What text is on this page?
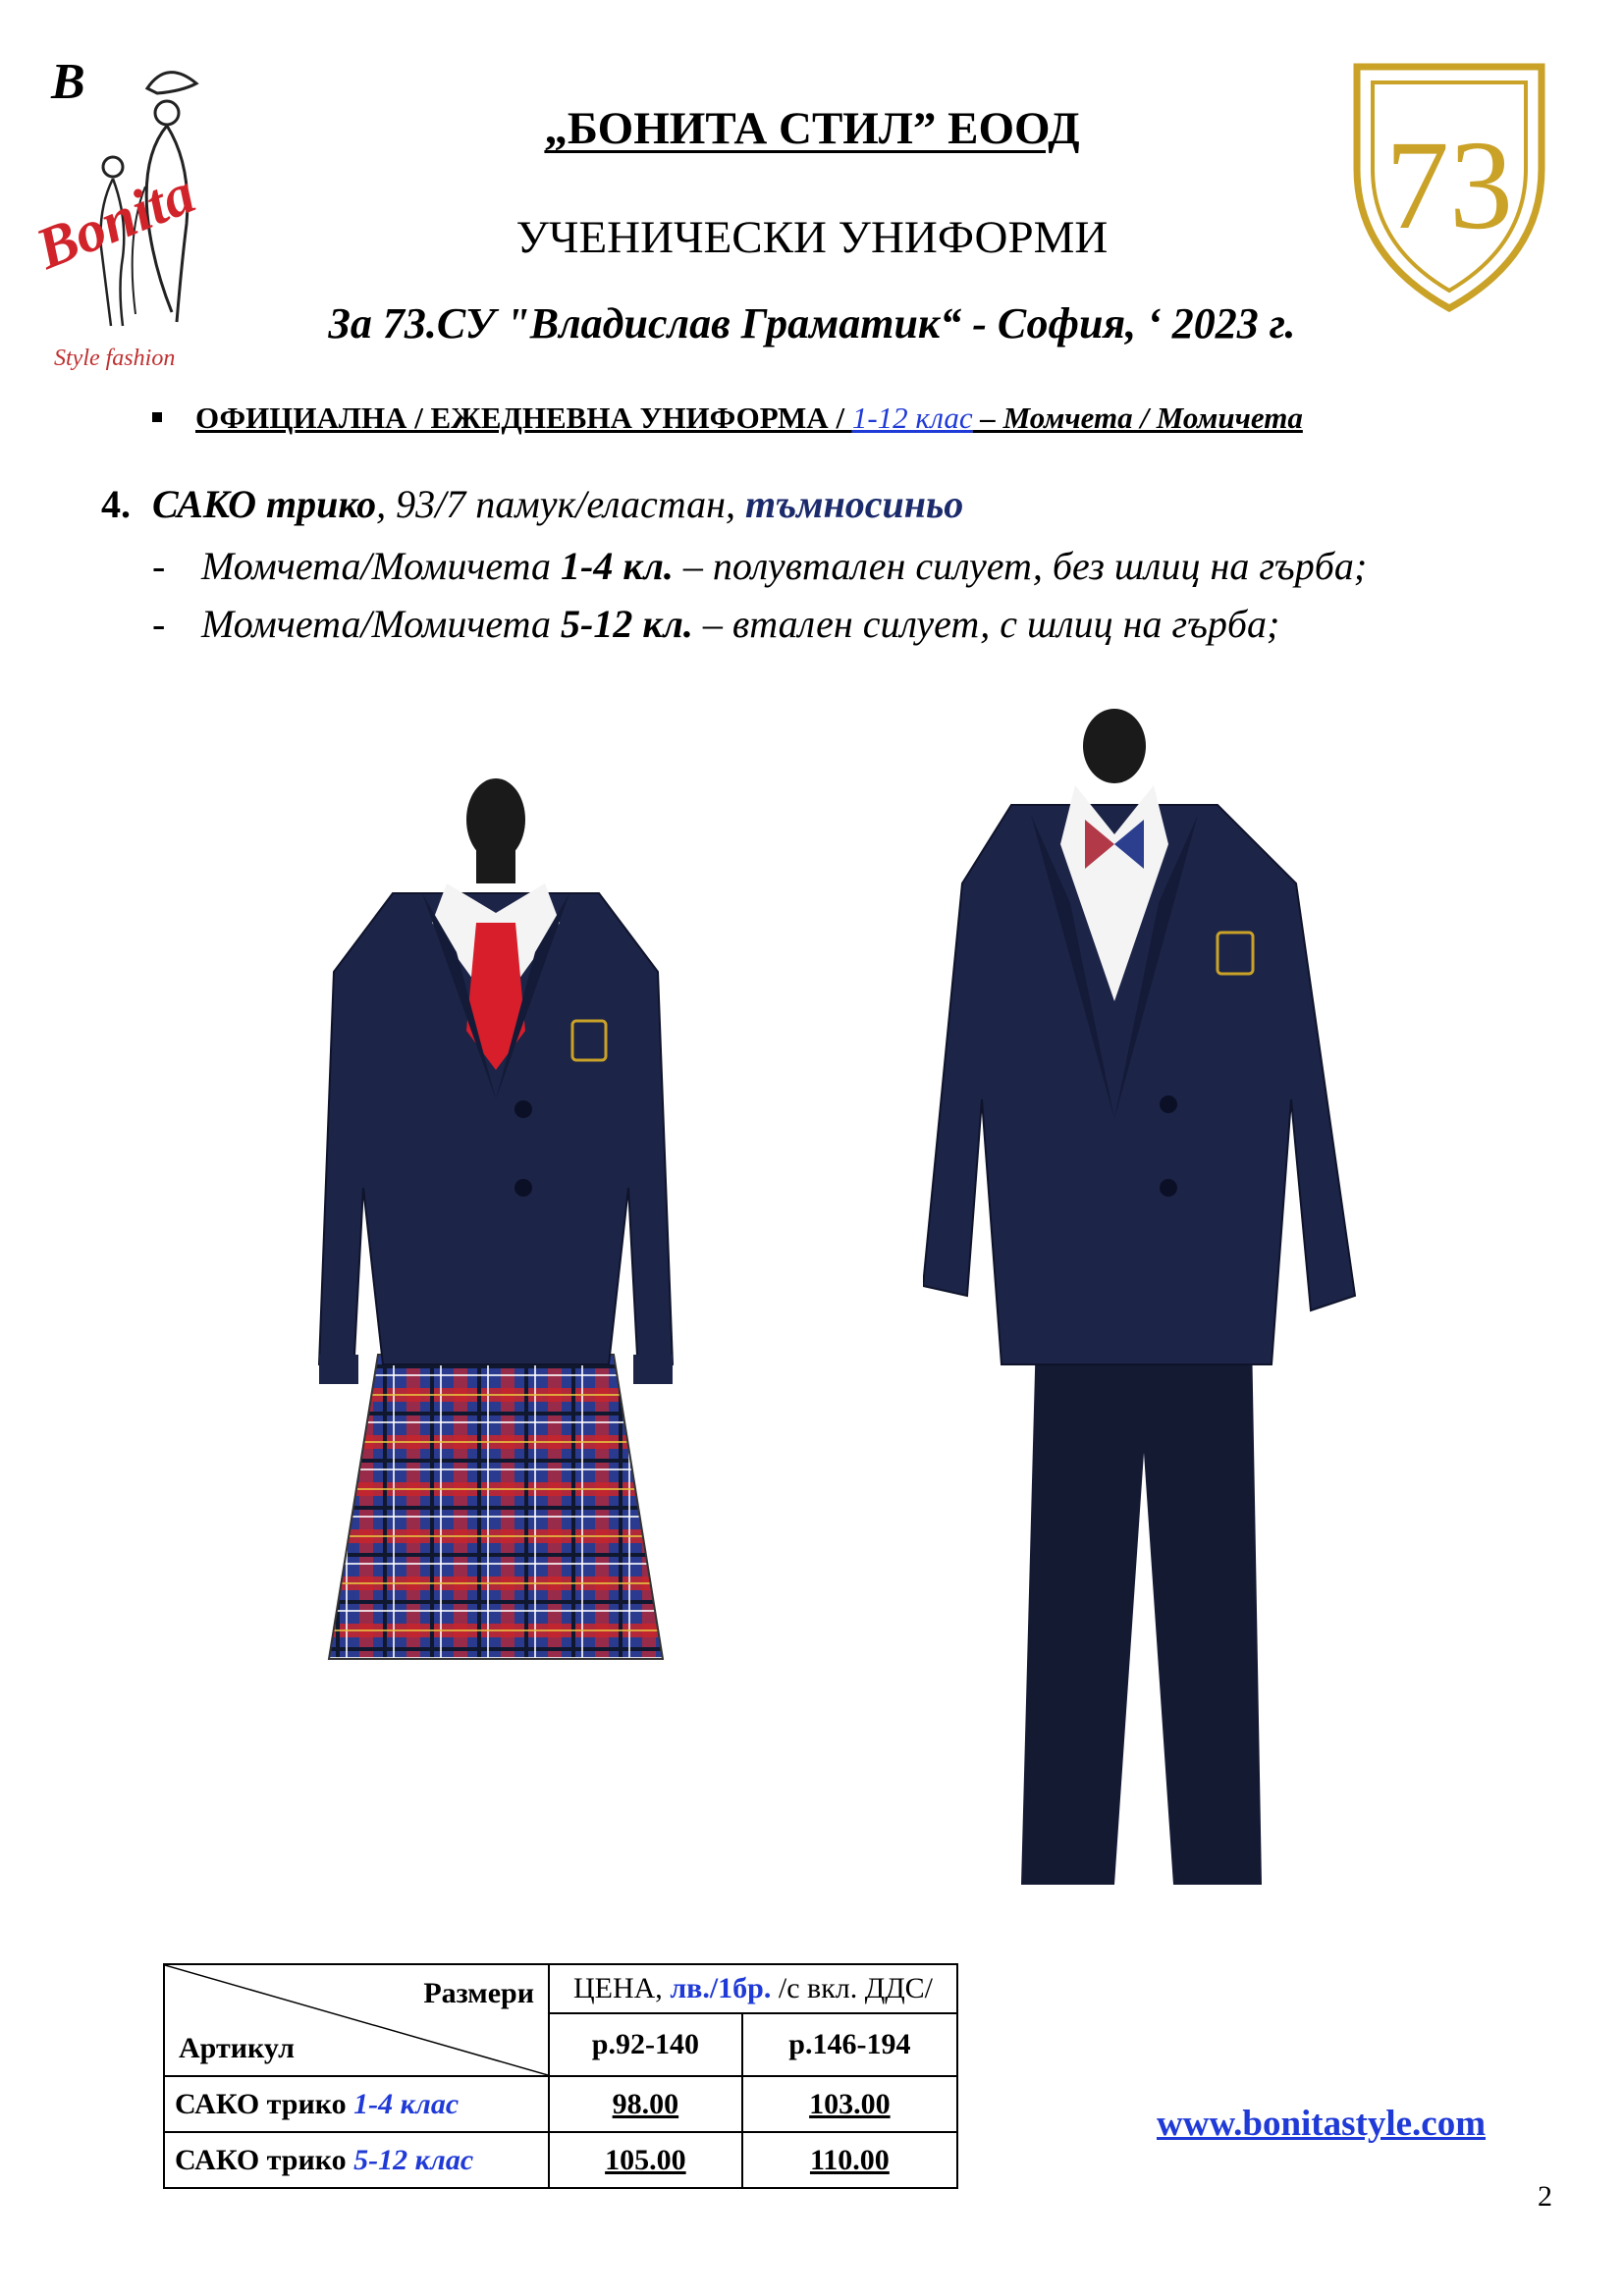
B
Bonita
Style fashion
73
„БОНИТА СТИЛ” ЕООД
УЧЕНИЧЕСКИ УНИФОРМИ
За 73.СУ "Владислав Граматик“ - София, ‘ 2023 г.
ОФИЦИАЛНА / ЕЖЕДНЕВНА УНИФОРМА / 1-12 клас – Момчета / Момичета
4. САКО трико, 93/7 памук/еластан, тъмносиньо
- Момчета/Момичета 1-4 кл. – полувтален силует, без шлиц на гърба;
- Момчета/Момичета 5-12 кл. – втален силует, с шлиц на гърба;
Размери
Артикул	ЦЕНА, лв./1бр. /с вкл. ДДС/	
	р.92-140	р.146-194
САКО трико 1-4 клас	98.00	103.00
САКО трико 5-12 клас	105.00	110.00
www.bonitastyle.com
2
